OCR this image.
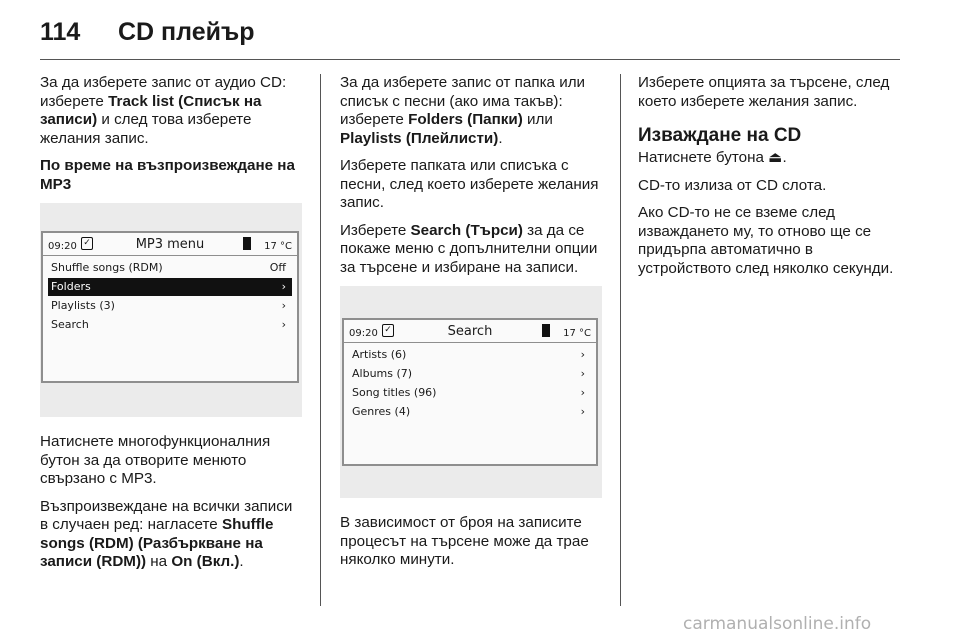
114 CD плейър

За да изберете запис от аудио CD: изберете Track list (Списък на записи) и след това изберете желания запис.

По време на възпроизвеждане на MP3
09:20 ✓	MP3 menu	17 °C
Shuffle songs (RDM)	Off
Folders	›
Playlists (3)	›
Search	›

Натиснете многофункционалния бутон за да отворите менюто свързано с MP3.

Възпроизвеждане на всички записи в случаен ред: нагласете Shuffle songs (RDM) (Разбъркване на записи (RDM)) на On (Вкл.).

За да изберете запис от папка или списък с песни (ако има такъв): изберете Folders (Папки) или Playlists (Плейлисти).

Изберете папката или списъка с песни, след което изберете желания запис.

Изберете Search (Търси) за да се покаже меню с допълнителни опции за търсене и избиране на записи.

09:20 ✓	Search	17 °C
Artists (6)	›
Albums (7)	›
Song titles (96)	›
Genres (4)	›

В зависимост от броя на записите процесът на търсене може да трае няколко минути.

Изберете опцията за търсене, след което изберете желания запис.

Изваждане на CD

Натиснете бутона ⏏.

CD-то излиза от CD слота.

Ако CD-то не се вземе след изваждането му, то отново ще се придърпа автоматично в устройството след няколко секунди.

carmanualsonline.info
